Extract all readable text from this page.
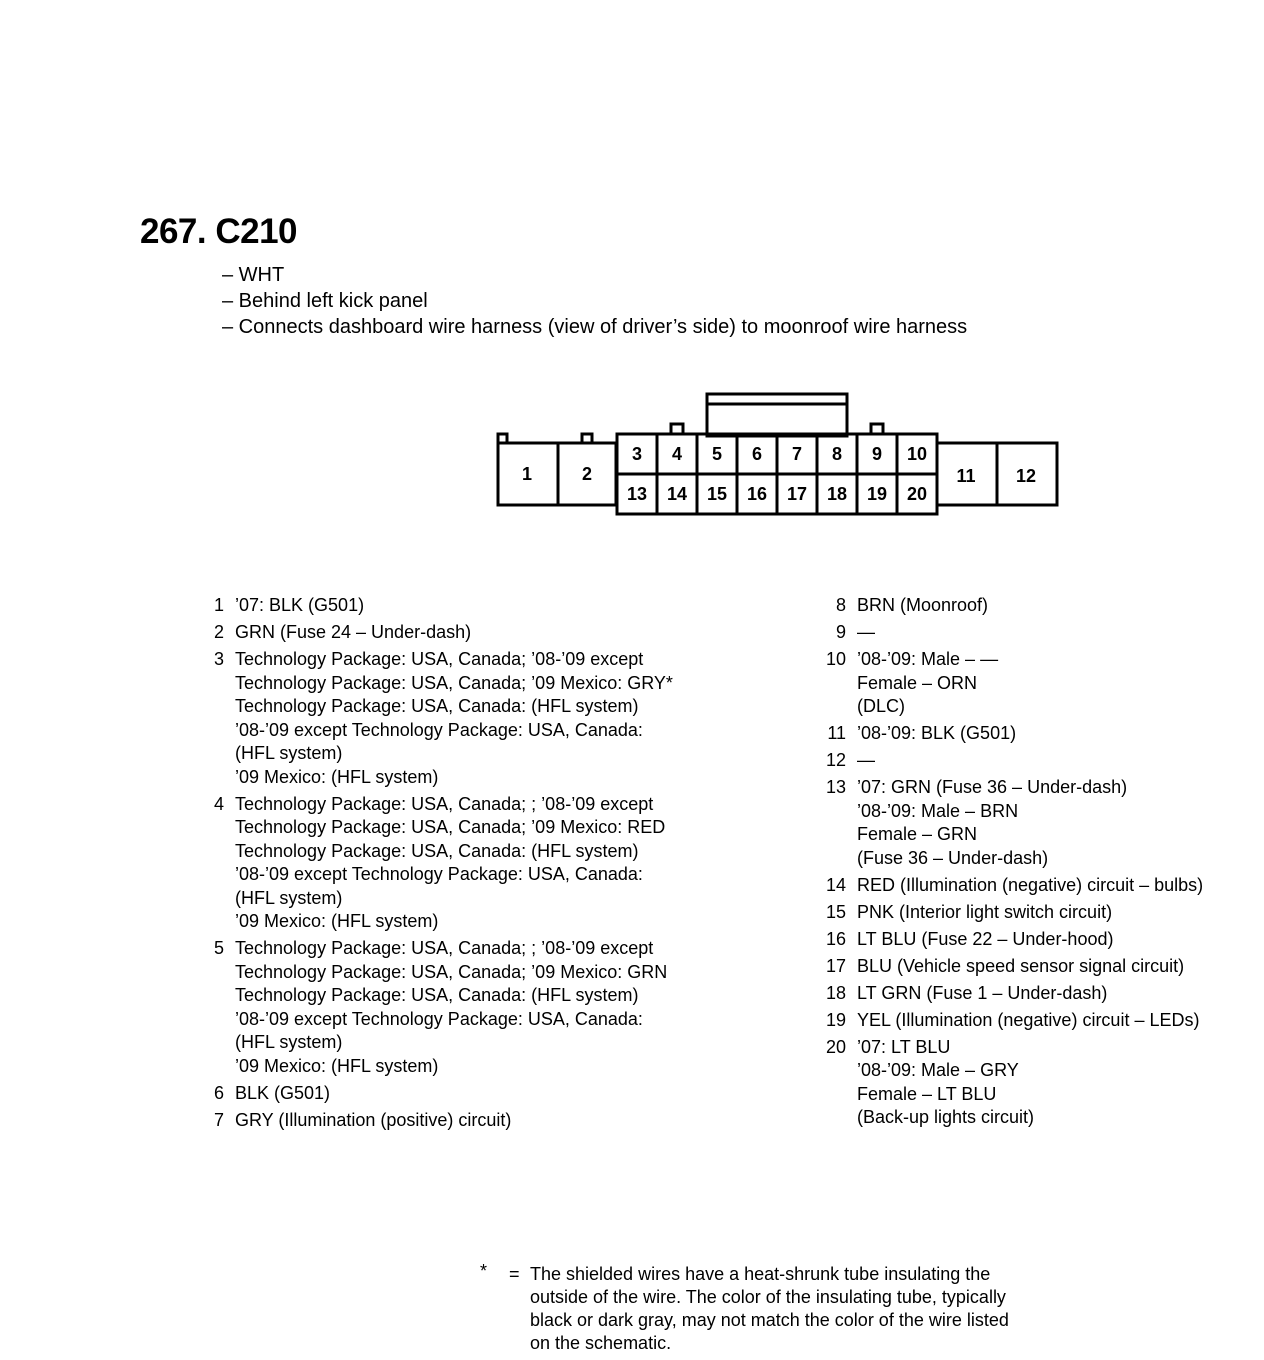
267. C210
– WHT
– Behind left kick panel
– Connects dashboard wire harness (view of driver’s side) to moonroof wire harness
1	2
3 4 5 6 7 8 9 10
13 14 15 16 17 18 19 20
11 12
1 ’07: BLK (G501)
2 GRN (Fuse 24 – Under-dash)
3 Technology Package: USA, Canada; ’08-’09 except
Technology Package: USA, Canada; ’09 Mexico: GRY*
Technology Package: USA, Canada: (HFL system)
’08-’09 except Technology Package: USA, Canada:
(HFL system)
’09 Mexico: (HFL system)
4 Technology Package: USA, Canada; ; ’08-’09 except
Technology Package: USA, Canada; ’09 Mexico: RED
Technology Package: USA, Canada: (HFL system)
’08-’09 except Technology Package: USA, Canada:
(HFL system)
’09 Mexico: (HFL system)
5 Technology Package: USA, Canada; ; ’08-’09 except
Technology Package: USA, Canada; ’09 Mexico: GRN
Technology Package: USA, Canada: (HFL system)
’08-’09 except Technology Package: USA, Canada:
(HFL system)
’09 Mexico: (HFL system)
6 BLK (G501)
7 GRY (Illumination (positive) circuit)
8 BRN (Moonroof)
9 —
10 ’08-’09: Male – —
Female – ORN
(DLC)
11 ’08-’09: BLK (G501)
12 —
13 ’07: GRN (Fuse 36 – Under-dash)
’08-’09: Male – BRN
Female – GRN
(Fuse 36 – Under-dash)
14 RED (Illumination (negative) circuit – bulbs)
15 PNK (Interior light switch circuit)
16 LT BLU (Fuse 22 – Under-hood)
17 BLU (Vehicle speed sensor signal circuit)
18 LT GRN (Fuse 1 – Under-dash)
19 YEL (Illumination (negative) circuit – LEDs)
20 ’07: LT BLU
’08-’09: Male – GRY
Female – LT BLU
(Back-up lights circuit)
* = The shielded wires have a heat-shrunk tube insulating the
outside of the wire. The color of the insulating tube, typically
black or dark gray, may not match the color of the wire listed
on the schematic.
